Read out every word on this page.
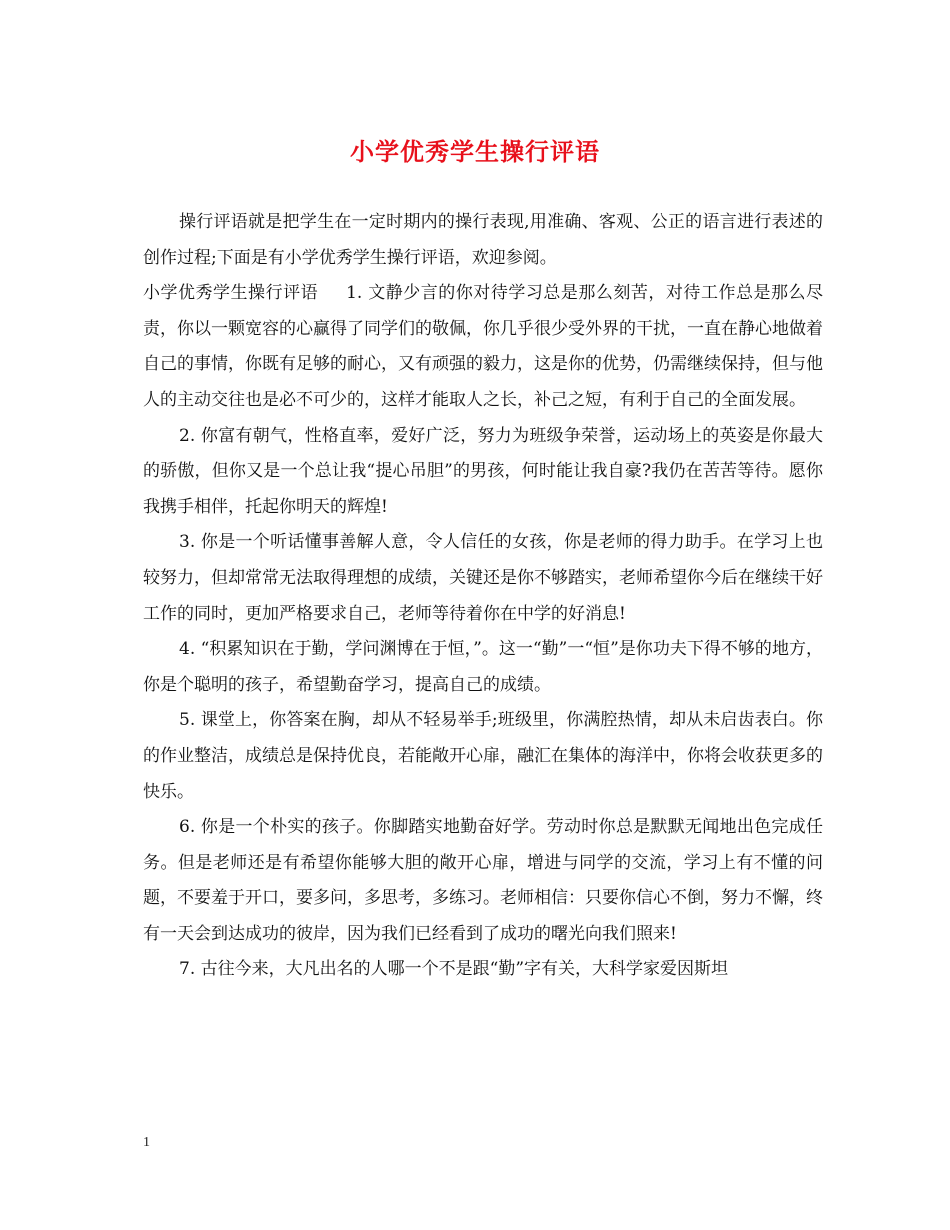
小学优秀学生操行评语

操行评语就是把学生在一定时期内的操行表现,用准确、客观、公正的语言进行表述的创作过程;下面是有小学优秀学生操行评语，欢迎参阅。

小学优秀学生操行评语 1. 文静少言的你对待学习总是那么刻苦，对待工作总是那么尽责，你以一颗宽容的心赢得了同学们的敬佩，你几乎很少受外界的干扰，一直在静心地做着自己的事情，你既有足够的耐心，又有顽强的毅力，这是你的优势，仍需继续保持，但与他人的主动交往也是必不可少的，这样才能取人之长，补己之短，有利于自己的全面发展。

2. 你富有朝气，性格直率，爱好广泛，努力为班级争荣誉，运动场上的英姿是你最大的骄傲，但你又是一个总让我“提心吊胆”的男孩，何时能让我自豪?我仍在苦苦等待。愿你我携手相伴，托起你明天的辉煌!

3. 你是一个听话懂事善解人意，令人信任的女孩，你是老师的得力助手。在学习上也较努力，但却常常无法取得理想的成绩，关键还是你不够踏实，老师希望你今后在继续干好工作的同时，更加严格要求自己，老师等待着你在中学的好消息!

4. “积累知识在于勤，学问渊博在于恒，”。这一“勤”一“恒”是你功夫下得不够的地方，你是个聪明的孩子，希望勤奋学习，提高自己的成绩。

5. 课堂上，你答案在胸，却从不轻易举手;班级里，你满腔热情，却从未启齿表白。你的作业整洁，成绩总是保持优良，若能敞开心扉，融汇在集体的海洋中，你将会收获更多的快乐。

6. 你是一个朴实的孩子。你脚踏实地勤奋好学。劳动时你总是默默无闻地出色完成任务。但是老师还是有希望你能够大胆的敞开心扉，增进与同学的交流，学习上有不懂的问题，不要羞于开口，要多问，多思考，多练习。老师相信：只要你信心不倒，努力不懈，终有一天会到达成功的彼岸，因为我们已经看到了成功的曙光向我们照来!

7. 古往今来，大凡出名的人哪一个不是跟“勤”字有关，大科学家爱因斯坦

1
